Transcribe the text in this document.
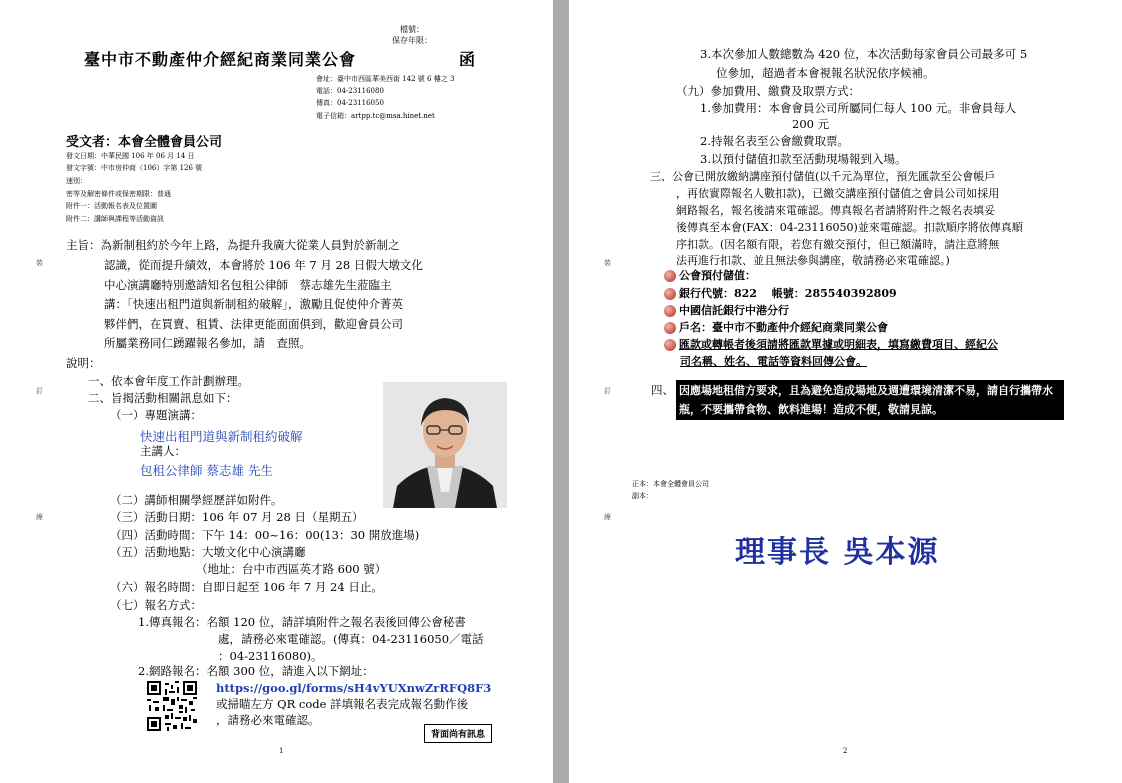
檔號：
保存年限：
臺中市不動產仲介經紀商業同業公會	函
會址：臺中市西區華美西街 142 號 6 樓之 3
電話：04-23116080
傳真：04-23116050
電子信箱：artpp.tc@msa.hinet.net
受文者：本會全體會員公司
發文日期：中華民國 106 年 06 月 14 日
發文字號：中市房仲商（106）字第 126 號
速別：
密等及解密條件或保密期限：普通
附件一：活動報名表及位置圖
附件二：講師與課程等活動資訊
裝
訂
線
主旨：為新制租約於今年上路，為提升我廣大從業人員對於新制之
認識，從而提升績效，本會將於 106 年 7 月 28 日假大墩文化
中心演講廳特別邀請知名包租公律師　蔡志雄先生蒞臨主
講：「快速出租門道與新制租約破解」，激勵且促使仲介菁英
夥伴們，在買賣、租賃、法律更能面面俱到，歡迎會員公司
所屬業務同仁踴躍報名參加，請　查照。
說明：
一、依本會年度工作計劃辦理。
二、旨揭活動相關訊息如下：
（一）專題演講：
快速出租門道與新制租約破解
主講人：
包租公律師 蔡志雄 先生
（二）講師相關學經歷詳如附件。
（三）活動日期：106 年 07 月 28 日（星期五）
（四）活動時間：下午 14：00~16：00(13：30 開放進場)
（五）活動地點：大墩文化中心演講廳
（地址：台中市西區英才路 600 號）
（六）報名時間：自即日起至 106 年 7 月 24 日止。
（七）報名方式：
1.傳真報名：名額 120 位，請詳填附件之報名表後回傳公會秘書
處，請務必來電確認。(傳真：04-23116050／電話
：04-23116080)。
2.網路報名：名額 300 位，請進入以下網址：
https://goo.gl/forms/sH4vYUXnwZrRFQ8F3
或掃瞄左方 QR code 詳填報名表完成報名動作後
，請務必來電確認。
背面尚有訊息
1
裝
訂
線
3.本次參加人數總數為 420 位，本次活動每家會員公司最多可 5
位參加，超過者本會視報名狀況依序候補。
（九）參加費用、繳費及取票方式：
1.參加費用：本會會員公司所屬同仁每人 100 元。非會員每人
200 元
2.持報名表至公會繳費取票。
3.以預付儲值扣款至活動現場報到入場。
三、公會已開放繳納講座預付儲值(以千元為單位，預先匯款至公會帳戶
，再依實際報名人數扣款)，已繳交講座預付儲值之會員公司如採用
網路報名，報名後請來電確認。傳真報名者請將附件之報名表填妥
後傳真至本會(FAX：04-23116050)並來電確認。扣款順序將依傳真順
序扣款。(因名額有限，若您有繳交預付，但已額滿時，請注意將無
法再進行扣款、並且無法參與講座，敬請務必來電確認。)
公會預付儲值：
銀行代號：822　 帳號：285540392809
中國信託銀行中港分行
戶名：臺中市不動產仲介經紀商業同業公會
匯款或轉帳者後須請將匯款單據或明細表，填寫繳費項目、經紀公
司名稱、姓名、電話等資料回傳公會。
四、 因應場地租借方要求，且為避免造成場地及週遭環境清潔不易，請自行攜帶水瓶，不要攜帶食物、飲料進場！造成不便，敬請見諒。
正本：本會全體會員公司
副本：
理事長 吳本源
2
